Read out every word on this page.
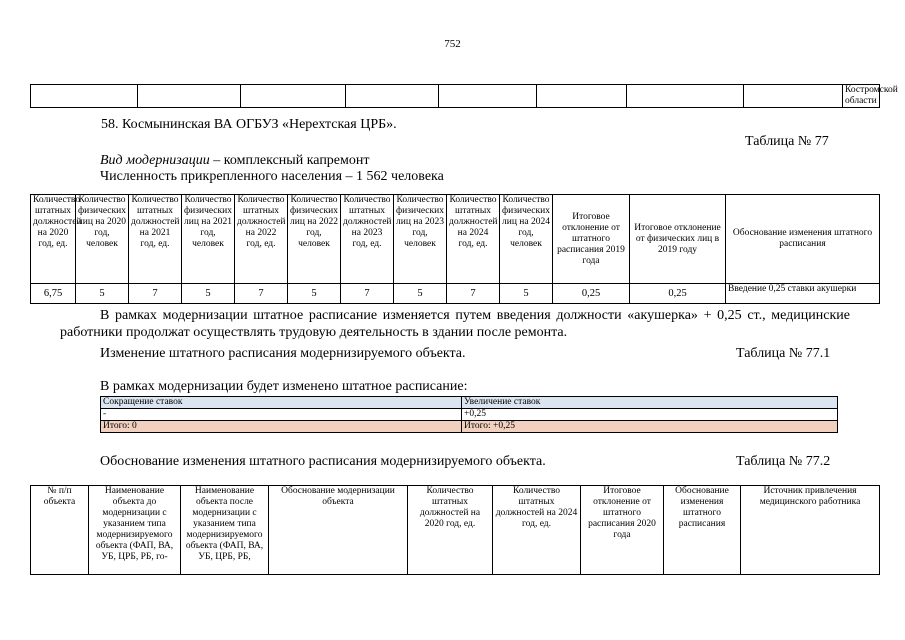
752
								Костромской области
58. Космынинская ВА ОГБУЗ «Нерехтская ЦРБ».
Таблица № 77
Вид модернизации – комплексный капремонт
Численность прикрепленного населения – 1 562 человека
Количество штатных должностей на 2020 год, ед.	Количество физических лиц на 2020 год, человек	Количество штатных должностей на 2021 год, ед.	Количество физических лиц на 2021 год, человек	Количество штатных должностей на 2022 год, ед.	Количество физических лиц на 2022 год, человек	Количество штатных должностей на 2023 год, ед.	Количество физических лиц на 2023 год, человек	Количество штатных должностей на 2024 год, ед.	Количество физических лиц на 2024 год, человек	Итоговое отклонение от штатного расписания 2019 года	Итоговое отклонение от физических лиц в 2019 году	Обоснование изменения штатного расписания
6,75	5	7	5	7	5	7	5	7	5	0,25	0,25	Введение 0,25 ставки акушерки
В рамках модернизации штатное расписание изменяется путем введения должности «акушерка» + 0,25 ст., медицинские работники продолжат осуществлять трудовую деятельность в здании после ремонта.
Изменение штатного расписания модернизируемого объекта.	Таблица № 77.1
В рамках модернизации будет изменено штатное расписание:
Сокращение ставок	Увеличение ставок
-	+0,25
Итого: 0	Итого: +0,25
Обоснование изменения штатного расписания модернизируемого объекта.	Таблица № 77.2
№ п/п объекта	Наименование объекта до модернизации с указанием типа модернизируемого объекта (ФАП, ВА, УБ, ЦРБ, РБ, го-	Наименование объекта после модернизации с указанием типа модернизируемого объекта (ФАП, ВА, УБ, ЦРБ, РБ,	Обоснование модернизации объекта	Количество штатных должностей на 2020 год, ед.	Количество штатных должностей на 2024 год, ед.	Итоговое отклонение от штатного расписания 2020 года	Обоснование изменения штатного расписания	Источник привлечения медицинского работника
